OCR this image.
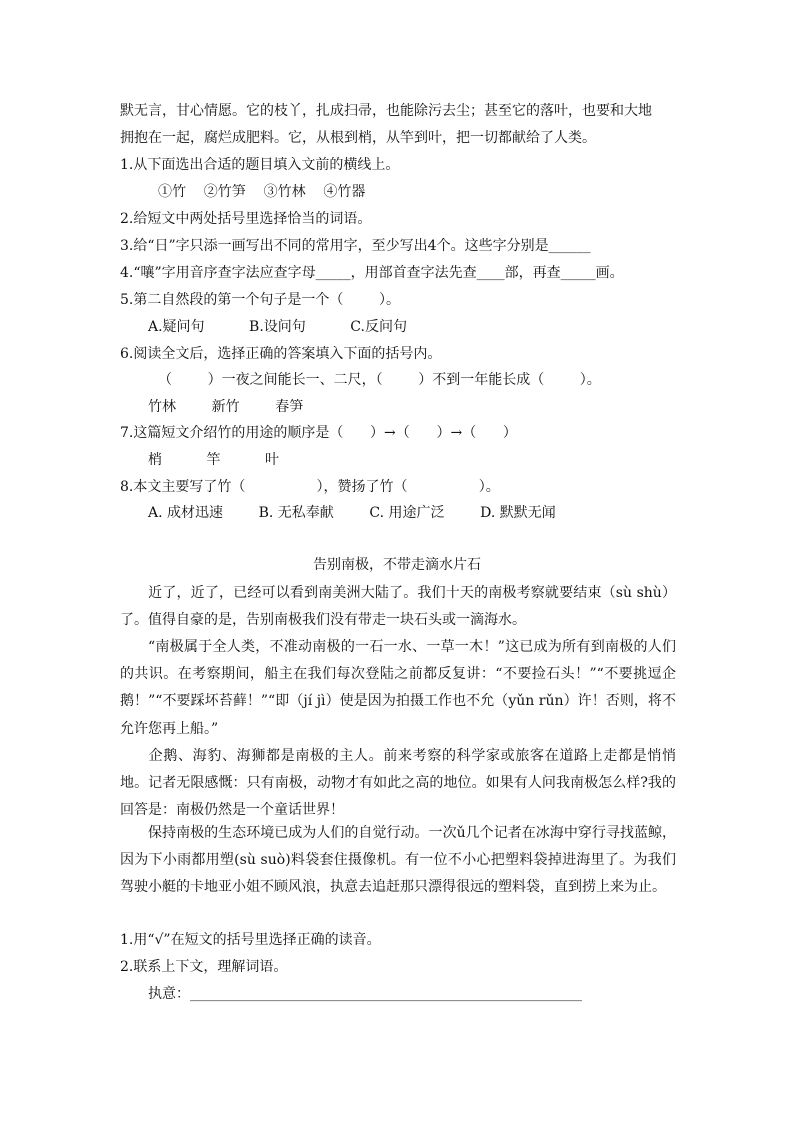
默无言，甘心情愿。它的枝丫，扎成扫帚，也能除污去尘；甚至它的落叶，也要和大地
拥抱在一起，腐烂成肥料。它，从根到梢，从竿到叶，把一切都献给了人类。
1.从下面选出合适的题目填入文前的横线上。
①竹    ②竹笋    ③竹林    ④竹器
2.给短文中两处括号里选择恰当的词语。
3.给“日”字只添一画写出不同的常用字，至少写出4个。这些字分别是______
4.“嚷”字用音序查字法应查字母_____，用部首查字法先查____部，再查_____画。
5.第二自然段的第一个句子是一个（        ）。
A.疑问句          B.设问句          C.反问句
6.阅读全文后，选择正确的答案填入下面的括号内。
（        ）一夜之间能长一、二尺，（        ）不到一年能长成（        ）。
竹林        新竹        春笋
7.这篇短文介绍竹的用途的顺序是（      ）→（      ）→（      ）
梢          竿          叶
8.本文主要写了竹（                ），赞扬了竹（                ）。
A. 成材迅速        B. 无私奉献        C. 用途广泛        D. 默默无闻
告别南极，不带走滴水片石
近了，近了，已经可以看到南美洲大陆了。我们十天的南极考察就要结束（sù shù）了。值得自豪的是，告别南极我们没有带走一块石头或一滴海水。
“南极属于全人类，不准动南极的一石一水、一草一木！”这已成为所有到南极的人们的共识。在考察期间，船主在我们每次登陆之前都反复讲：“不要捡石头！”“不要挑逗企鹅！”“不要踩坏苔藓！”“即（jí jì）使是因为拍摄工作也不允（yǔn rǔn）许！否则，将不允许您再上船。”
企鹅、海豹、海狮都是南极的主人。前来考察的科学家或旅客在道路上走都是悄悄地。记者无限感慨：只有南极，动物才有如此之高的地位。如果有人问我南极怎么样?我的回答是：南极仍然是一个童话世界！
保持南极的生态环境已成为人们的自觉行动。一次ǔ几个记者在冰海中穿行寻找蓝鲸，因为下小雨都用塑(sù suò)料袋套住摄像机。有一位不小心把塑料袋掉进海里了。为我们驾驶小艇的卡地亚小姐不顾风浪，执意去追赶那只漂得很远的塑料袋，直到捞上来为止。
1.用“√”在短文的括号里选择正确的读音。
2.联系上下文，理解词语。
执意：________________________________________________________
